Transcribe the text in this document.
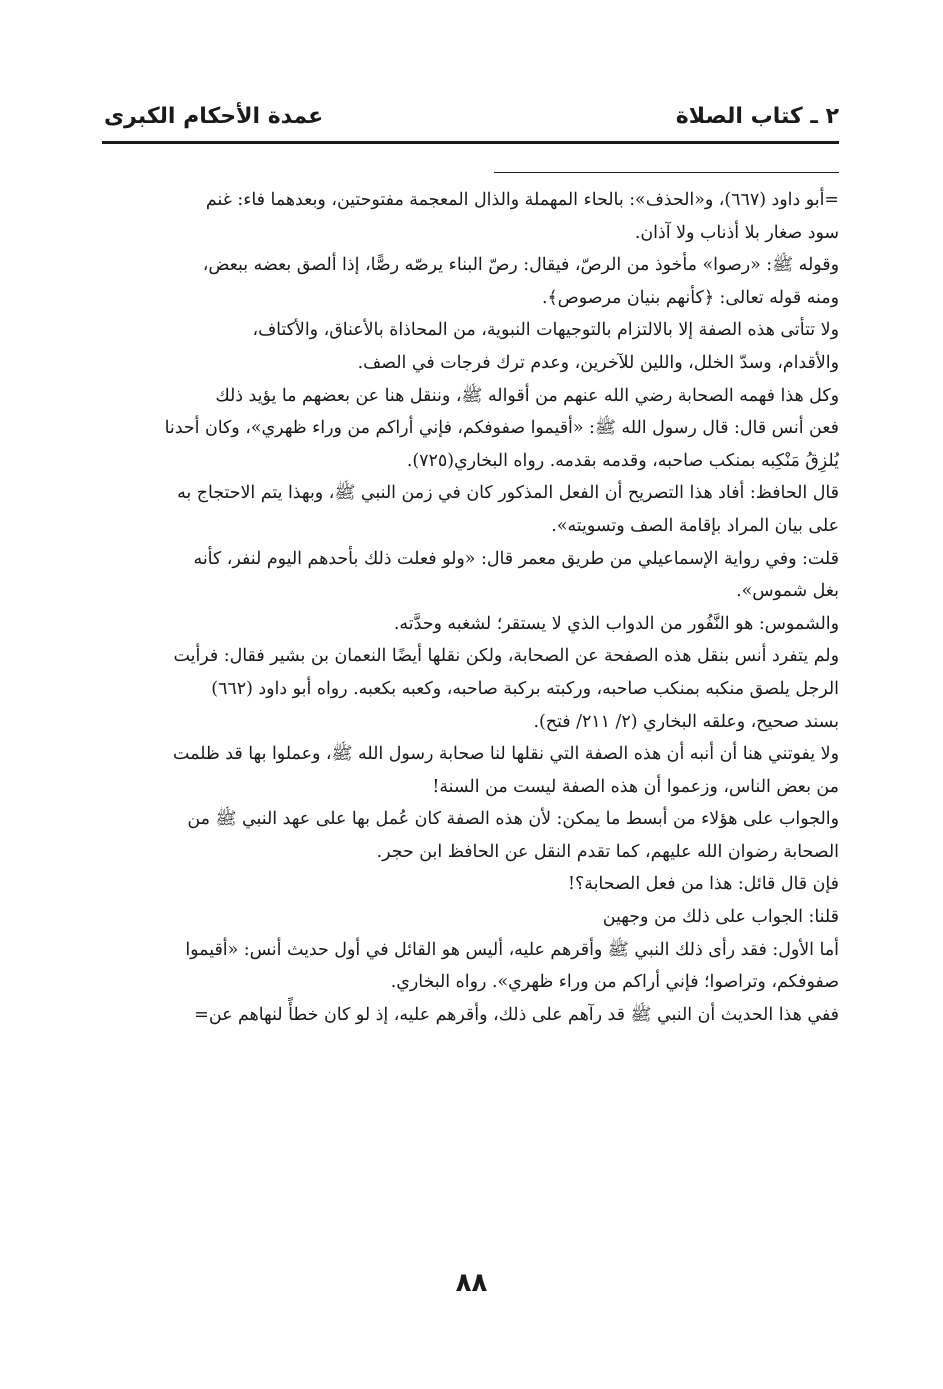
٢ ـ كتاب الصلاة
عمدة الأحكام الكبرى

=أبو داود (٦٦٧)، و«الحذف»: بالحاء المهملة والذال المعجمة مفتوحتين، وبعدهما فاء: غنم

سود صغار بلا أذناب ولا آذان.

وقوله ﷺ: «رصوا» مأخوذ من الرصّ، فيقال: رصّ البناء يرصّه رصًّا، إذا ألصق بعضه ببعض،

ومنه قوله تعالى: ﴿كأنهم بنيان مرصوص﴾.

ولا تتأتى هذه الصفة إلا بالالتزام بالتوجيهات النبوية، من المحاذاة بالأعناق، والأكتاف،

والأقدام، وسدّ الخلل، واللين للآخرين، وعدم ترك فرجات في الصف.

وكل هذا فهمه الصحابة رضي الله عنهم من أقواله ﷺ، وننقل هنا عن بعضهم ما يؤيد ذلك

فعن أنس قال: قال رسول الله ﷺ: «أقيموا صفوفكم، فإني أراكم من وراء ظهري»، وكان أحدنا

يُلزِقُ مَنْكِبه بمنكب صاحبه، وقدمه بقدمه. رواه البخاري(٧٢٥).

قال الحافظ: أفاد هذا التصريح أن الفعل المذكور كان في زمن النبي ﷺ، وبهذا يتم الاحتجاج به

على بيان المراد بإقامة الصف وتسويته».

قلت: وفي رواية الإسماعيلي من طريق معمر قال: «ولو فعلت ذلك بأحدهم اليوم لنفر، كأنه

بغل شموس».

والشموس: هو النَّفُور من الدواب الذي لا يستقر؛ لشغبه وحدَّته.

ولم يتفرد أنس بنقل هذه الصفحة عن الصحابة، ولكن نقلها أيضًا النعمان بن بشير فقال: فرأيت

الرجل يلصق منكبه بمنكب صاحبه، وركبته بركبة صاحبه، وكعبه بكعبه. رواه أبو داود (٦٦٢)

بسند صحيح، وعلقه البخاري (٢/ ٢١١/ فتح).

ولا يفوتني هنا أن أنبه أن هذه الصفة التي نقلها لنا صحابة رسول الله ﷺ، وعملوا بها قد ظلمت

من بعض الناس، وزعموا أن هذه الصفة ليست من السنة!

والجواب على هؤلاء من أبسط ما يمكن: لأن هذه الصفة كان عُمل بها على عهد النبي ﷺ من

الصحابة رضوان الله عليهم، كما تقدم النقل عن الحافظ ابن حجر.

فإن قال قائل: هذا من فعل الصحابة؟!

قلنا: الجواب على ذلك من وجهين

أما الأول: فقد رأى ذلك النبي ﷺ وأقرهم عليه، أليس هو القائل في أول حديث أنس: «أقيموا

صفوفكم، وتراصوا؛ فإني أراكم من وراء ظهري». رواه البخاري.

ففي هذا الحديث أن النبي ﷺ قد رآهم على ذلك، وأقرهم عليه، إذ لو كان خطأً لنهاهم عن=

٨٨
